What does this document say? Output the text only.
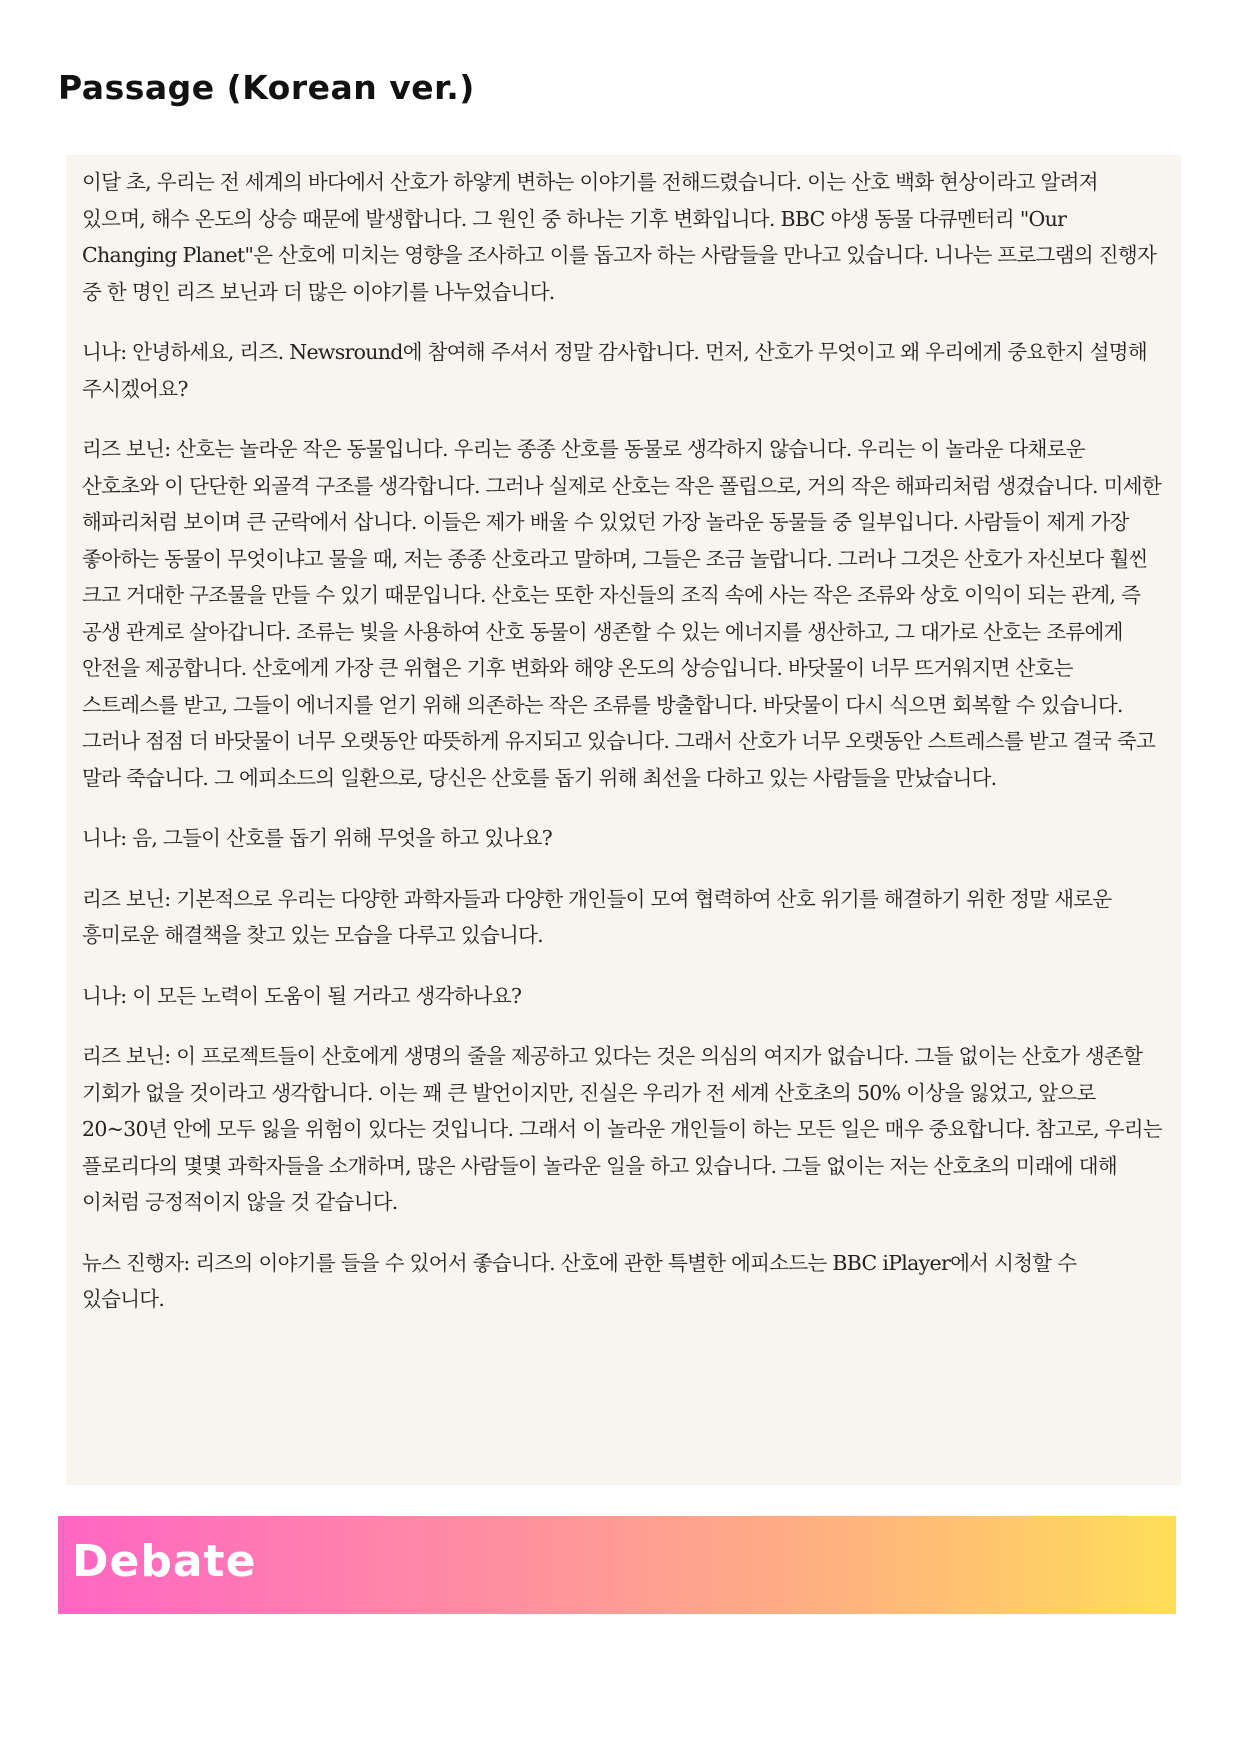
Passage (Korean ver.)

이달 초, 우리는 전 세계의 바다에서 산호가 하얗게 변하는 이야기를 전해드렸습니다. 이는 산호 백화 현상이라고 알려져 있으며, 해수 온도의 상승 때문에 발생합니다. 그 원인 중 하나는 기후 변화입니다. BBC 야생 동물 다큐멘터리 "Our Changing Planet"은 산호에 미치는 영향을 조사하고 이를 돕고자 하는 사람들을 만나고 있습니다. 니나는 프로그램의 진행자 중 한 명인 리즈 보닌과 더 많은 이야기를 나누었습니다.

니나: 안녕하세요, 리즈. Newsround에 참여해 주셔서 정말 감사합니다. 먼저, 산호가 무엇이고 왜 우리에게 중요한지 설명해 주시겠어요?

리즈 보닌: 산호는 놀라운 작은 동물입니다. 우리는 종종 산호를 동물로 생각하지 않습니다. 우리는 이 놀라운 다채로운 산호초와 이 단단한 외골격 구조를 생각합니다. 그러나 실제로 산호는 작은 폴립으로, 거의 작은 해파리처럼 생겼습니다. 미세한 해파리처럼 보이며 큰 군락에서 삽니다. 이들은 제가 배울 수 있었던 가장 놀라운 동물들 중 일부입니다. 사람들이 제게 가장 좋아하는 동물이 무엇이냐고 물을 때, 저는 종종 산호라고 말하며, 그들은 조금 놀랍니다. 그러나 그것은 산호가 자신보다 훨씬 크고 거대한 구조물을 만들 수 있기 때문입니다. 산호는 또한 자신들의 조직 속에 사는 작은 조류와 상호 이익이 되는 관계, 즉 공생 관계로 살아갑니다. 조류는 빛을 사용하여 산호 동물이 생존할 수 있는 에너지를 생산하고, 그 대가로 산호는 조류에게 안전을 제공합니다. 산호에게 가장 큰 위협은 기후 변화와 해양 온도의 상승입니다. 바닷물이 너무 뜨거워지면 산호는 스트레스를 받고, 그들이 에너지를 얻기 위해 의존하는 작은 조류를 방출합니다. 바닷물이 다시 식으면 회복할 수 있습니다. 그러나 점점 더 바닷물이 너무 오랫동안 따뜻하게 유지되고 있습니다. 그래서 산호가 너무 오랫동안 스트레스를 받고 결국 죽고 말라 죽습니다. 그 에피소드의 일환으로, 당신은 산호를 돕기 위해 최선을 다하고 있는 사람들을 만났습니다.

니나: 음, 그들이 산호를 돕기 위해 무엇을 하고 있나요?

리즈 보닌: 기본적으로 우리는 다양한 과학자들과 다양한 개인들이 모여 협력하여 산호 위기를 해결하기 위한 정말 새로운 흥미로운 해결책을 찾고 있는 모습을 다루고 있습니다.

니나: 이 모든 노력이 도움이 될 거라고 생각하나요?

리즈 보닌: 이 프로젝트들이 산호에게 생명의 줄을 제공하고 있다는 것은 의심의 여지가 없습니다. 그들 없이는 산호가 생존할 기회가 없을 것이라고 생각합니다. 이는 꽤 큰 발언이지만, 진실은 우리가 전 세계 산호초의 50% 이상을 잃었고, 앞으로 20~30년 안에 모두 잃을 위험이 있다는 것입니다. 그래서 이 놀라운 개인들이 하는 모든 일은 매우 중요합니다. 참고로, 우리는 플로리다의 몇몇 과학자들을 소개하며, 많은 사람들이 놀라운 일을 하고 있습니다. 그들 없이는 저는 산호초의 미래에 대해 이처럼 긍정적이지 않을 것 같습니다.

뉴스 진행자: 리즈의 이야기를 들을 수 있어서 좋습니다. 산호에 관한 특별한 에피소드는 BBC iPlayer에서 시청할 수 있습니다.

Debate
